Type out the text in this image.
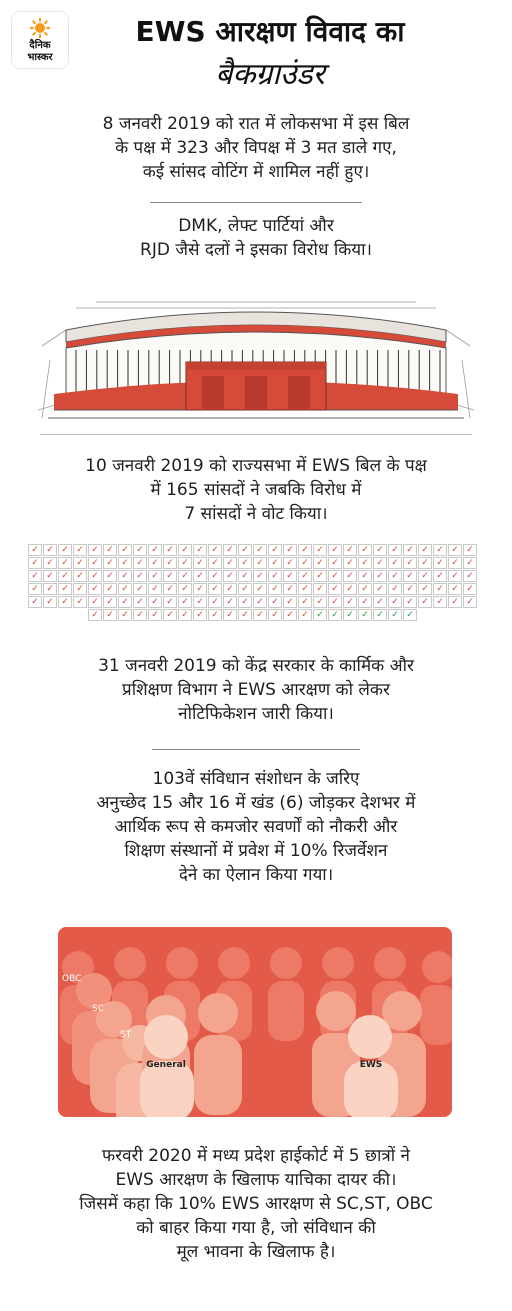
दैनिक
भास्कर
EWS आरक्षण विवाद का
बैकग्राउंडर
8 जनवरी 2019 को रात में लोकसभा में इस बिल
के पक्ष में 323 और विपक्ष में 3 मत डाले गए,
कई सांसद वोटिंग में शामिल नहीं हुए।
DMK, लेफ्ट पार्टियां और
RJD जैसे दलों ने इसका विरोध किया।
10 जनवरी 2019 को राज्यसभा में EWS बिल के पक्ष
में 165 सांसदों ने जबकि विरोध में
7 सांसदों ने वोट किया।
✓ ✓ ✓ ✓ ✓ ✓ ✓ ✓ ✓ ✓ ✓ ✓ ✓ ✓ ✓ ✓ ✓ ✓ ✓ ✓ ✓ ✓ ✓ ✓ ✓ ✓ ✓ ✓ ✓ ✓
✓ ✓ ✓ ✓ ✓ ✓ ✓ ✓ ✓ ✓ ✓ ✓ ✓ ✓ ✓ ✓ ✓ ✓ ✓ ✓ ✓ ✓ ✓ ✓ ✓ ✓ ✓ ✓ ✓ ✓
✓ ✓ ✓ ✓ ✓ ✓ ✓ ✓ ✓ ✓ ✓ ✓ ✓ ✓ ✓ ✓ ✓ ✓ ✓ ✓ ✓ ✓ ✓ ✓ ✓ ✓ ✓ ✓ ✓ ✓
✓ ✓ ✓ ✓ ✓ ✓ ✓ ✓ ✓ ✓ ✓ ✓ ✓ ✓ ✓ ✓ ✓ ✓ ✓ ✓ ✓ ✓ ✓ ✓ ✓ ✓ ✓ ✓ ✓ ✓
✓ ✓ ✓ ✓ ✓ ✓ ✓ ✓ ✓ ✓ ✓ ✓ ✓ ✓ ✓ ✓ ✓ ✓ ✓ ✓ ✓ ✓ ✓ ✓ ✓ ✓ ✓ ✓ ✓ ✓
✓ ✓ ✓ ✓ ✓ ✓ ✓ ✓ ✓ ✓ ✓ ✓ ✓ ✓ ✓ ✓ ✓ ✓ ✓ ✓ ✓ ✓
31 जनवरी 2019 को केंद्र सरकार के कार्मिक और
प्रशिक्षण विभाग ने EWS आरक्षण को लेकर
नोटिफिकेशन जारी किया।
103वें संविधान संशोधन के जरिए
अनुच्छेद 15 और 16 में खंड (6) जोड़कर देशभर में
आर्थिक रूप से कमजोर सवर्णों को नौकरी और
शिक्षण संस्थानों में प्रवेश में 10% रिजर्वेशन
देने का ऐलान किया गया।
OBC
SC
ST
General	EWS
फरवरी 2020 में मध्य प्रदेश हाईकोर्ट में 5 छात्रों ने
EWS आरक्षण के खिलाफ याचिका दायर की।
जिसमें कहा कि 10% EWS आरक्षण से SC,ST, OBC
को बाहर किया गया है, जो संविधान की
मूल भावना के खिलाफ है।
